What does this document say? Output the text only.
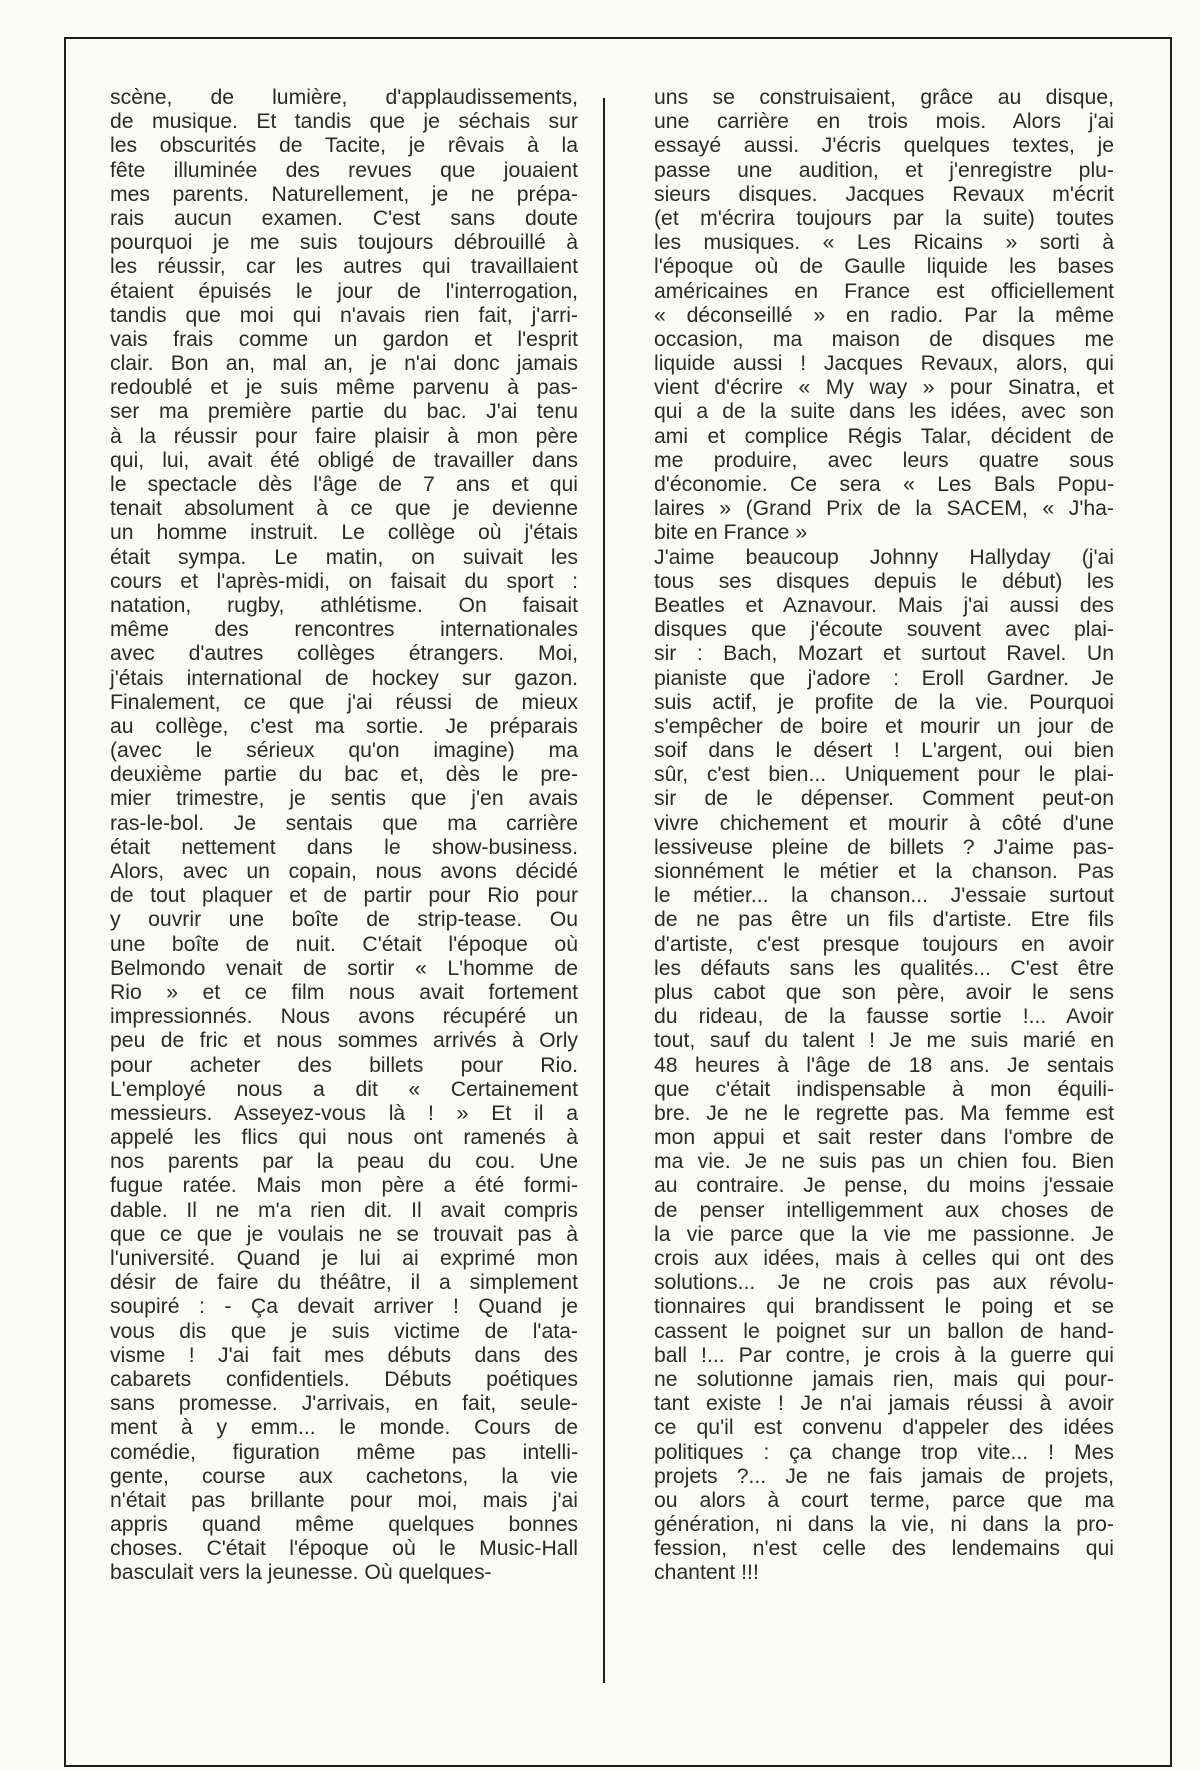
scène, de lumière, d'applaudissements,
de musique. Et tandis que je séchais sur
les obscurités de Tacite, je rêvais à la
fête illuminée des revues que jouaient
mes parents. Naturellement, je ne prépa-
rais aucun examen. C'est sans doute
pourquoi je me suis toujours débrouillé à
les réussir, car les autres qui travaillaient
étaient épuisés le jour de l'interrogation,
tandis que moi qui n'avais rien fait, j'arri-
vais frais comme un gardon et l'esprit
clair. Bon an, mal an, je n'ai donc jamais
redoublé et je suis même parvenu à pas-
ser ma première partie du bac. J'ai tenu
à la réussir pour faire plaisir à mon père
qui, lui, avait été obligé de travailler dans
le spectacle dès l'âge de 7 ans et qui
tenait absolument à ce que je devienne
un homme instruit. Le collège où j'étais
était sympa. Le matin, on suivait les
cours et l'après-midi, on faisait du sport :
natation, rugby, athlétisme. On faisait
même des rencontres internationales
avec d'autres collèges étrangers. Moi,
j'étais international de hockey sur gazon.
Finalement, ce que j'ai réussi de mieux
au collège, c'est ma sortie. Je préparais
(avec le sérieux qu'on imagine) ma
deuxième partie du bac et, dès le pre-
mier trimestre, je sentis que j'en avais
ras-le-bol. Je sentais que ma carrière
était nettement dans le show-business.
Alors, avec un copain, nous avons décidé
de tout plaquer et de partir pour Rio pour
y ouvrir une boîte de strip-tease. Ou
une boîte de nuit. C'était l'époque où
Belmondo venait de sortir « L'homme de
Rio » et ce film nous avait fortement
impressionnés. Nous avons récupéré un
peu de fric et nous sommes arrivés à Orly
pour acheter des billets pour Rio.
L'employé nous a dit « Certainement
messieurs. Asseyez-vous là ! » Et il a
appelé les flics qui nous ont ramenés à
nos parents par la peau du cou. Une
fugue ratée. Mais mon père a été formi-
dable. Il ne m'a rien dit. Il avait compris
que ce que je voulais ne se trouvait pas à
l'université. Quand je lui ai exprimé mon
désir de faire du théâtre, il a simplement
soupiré : - Ça devait arriver ! Quand je
vous dis que je suis victime de l'ata-
visme ! J'ai fait mes débuts dans des
cabarets confidentiels. Débuts poétiques
sans promesse. J'arrivais, en fait, seule-
ment à y emm... le monde. Cours de
comédie, figuration même pas intelli-
gente, course aux cachetons, la vie
n'était pas brillante pour moi, mais j'ai
appris quand même quelques bonnes
choses. C'était l'époque où le Music-Hall
basculait vers la jeunesse. Où quelques-
uns se construisaient, grâce au disque,
une carrière en trois mois. Alors j'ai
essayé aussi. J'écris quelques textes, je
passe une audition, et j'enregistre plu-
sieurs disques. Jacques Revaux m'écrit
(et m'écrira toujours par la suite) toutes
les musiques. « Les Ricains » sorti à
l'époque où de Gaulle liquide les bases
américaines en France est officiellement
« déconseillé » en radio. Par la même
occasion, ma maison de disques me
liquide aussi ! Jacques Revaux, alors, qui
vient d'écrire « My way » pour Sinatra, et
qui a de la suite dans les idées, avec son
ami et complice Régis Talar, décident de
me produire, avec leurs quatre sous
d'économie. Ce sera « Les Bals Popu-
laires » (Grand Prix de la SACEM, « J'ha-
bite en France »
J'aime beaucoup Johnny Hallyday (j'ai
tous ses disques depuis le début) les
Beatles et Aznavour. Mais j'ai aussi des
disques que j'écoute souvent avec plai-
sir : Bach, Mozart et surtout Ravel. Un
pianiste que j'adore : Eroll Gardner. Je
suis actif, je profite de la vie. Pourquoi
s'empêcher de boire et mourir un jour de
soif dans le désert ! L'argent, oui bien
sûr, c'est bien... Uniquement pour le plai-
sir de le dépenser. Comment peut-on
vivre chichement et mourir à côté d'une
lessiveuse pleine de billets ? J'aime pas-
sionnément le métier et la chanson. Pas
le métier... la chanson... J'essaie surtout
de ne pas être un fils d'artiste. Etre fils
d'artiste, c'est presque toujours en avoir
les défauts sans les qualités... C'est être
plus cabot que son père, avoir le sens
du rideau, de la fausse sortie !... Avoir
tout, sauf du talent ! Je me suis marié en
48 heures à l'âge de 18 ans. Je sentais
que c'était indispensable à mon équili-
bre. Je ne le regrette pas. Ma femme est
mon appui et sait rester dans l'ombre de
ma vie. Je ne suis pas un chien fou. Bien
au contraire. Je pense, du moins j'essaie
de penser intelligemment aux choses de
la vie parce que la vie me passionne. Je
crois aux idées, mais à celles qui ont des
solutions... Je ne crois pas aux révolu-
tionnaires qui brandissent le poing et se
cassent le poignet sur un ballon de hand-
ball !... Par contre, je crois à la guerre qui
ne solutionne jamais rien, mais qui pour-
tant existe ! Je n'ai jamais réussi à avoir
ce qu'il est convenu d'appeler des idées
politiques : ça change trop vite... ! Mes
projets ?... Je ne fais jamais de projets,
ou alors à court terme, parce que ma
génération, ni dans la vie, ni dans la pro-
fession, n'est celle des lendemains qui
chantent !!!
